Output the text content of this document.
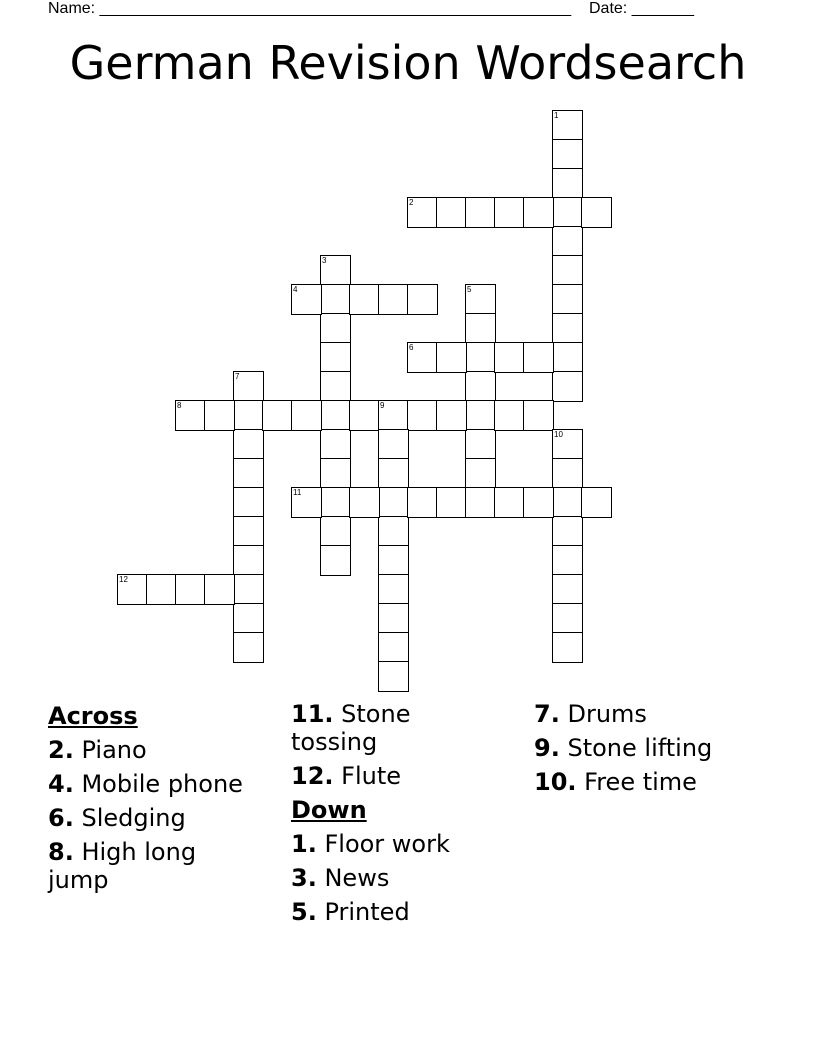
Name: _____________________________________________________ Date: _______
German Revision Wordsearch
1
2
3
4	5
6
7
8	9
10
11
12
Across
2. Piano
4. Mobile phone
6. Sledging
8. High long jump
11. Stone tossing
12. Flute
Down
1. Floor work
3. News
5. Printed
7. Drums
9. Stone lifting
10. Free time
